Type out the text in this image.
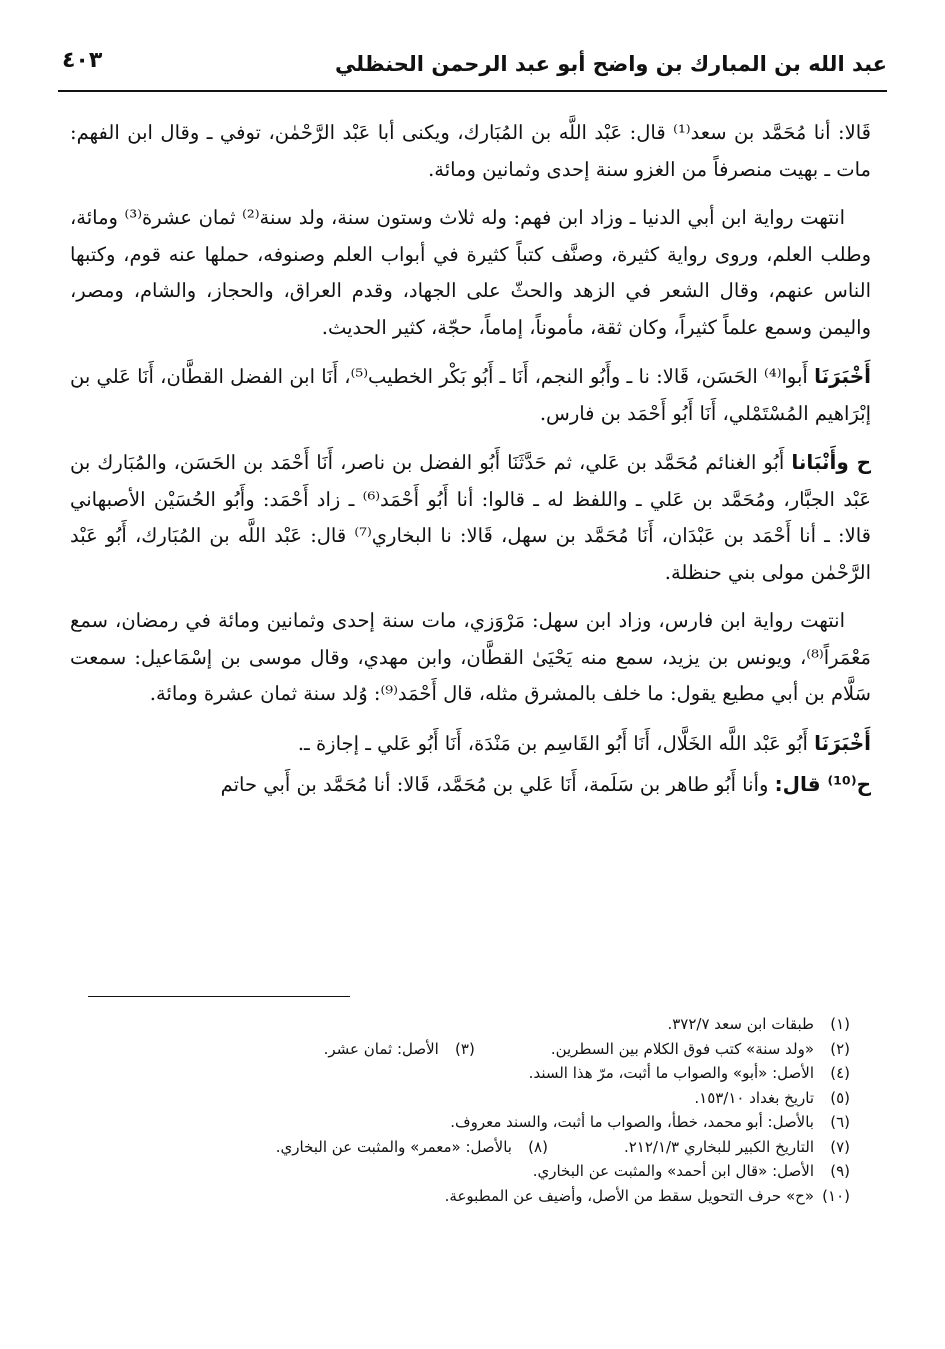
عبد الله بن المبارك بن واضح أبو عبد الرحمن الحنظلي
٤٠٣

قَالا: أنا مُحَمَّد بن سعد⁽¹⁾ قال: عَبْد اللَّه بن المُبَارك، ويكنى أبا عَبْد الرَّحْمٰن، توفي ـ وقال ابن الفهم: مات ـ بهيت منصرفاً من الغزو سنة إحدى وثمانين ومائة.

انتهت رواية ابن أبي الدنيا ـ وزاد ابن فهم: وله ثلاث وستون سنة، ولد سنة⁽²⁾ ثمان عشرة⁽³⁾ ومائة، وطلب العلم، وروى رواية كثيرة، وصنَّف كتباً كثيرة في أبواب العلم وصنوفه، حملها عنه قوم، وكتبها الناس عنهم، وقال الشعر في الزهد والحثّ على الجهاد، وقدم العراق، والحجاز، والشام، ومصر، واليمن وسمع علماً كثيراً، وكان ثقة، مأموناً، إماماً، حجّة، كثير الحديث.

أَخْبَرَنَا أَبوا⁽⁴⁾ الحَسَن، قَالا: نا ـ وأَبُو النجم، أَنَا ـ أَبُو بَكْر الخطيب⁽⁵⁾، أَنَا ابن الفضل القطَّان، أَنَا عَلي بن إبْرَاهيم المُسْتَمْلي، أَنَا أَبُو أَحْمَد بن فارس.

ح وأَنْبَانا أَبُو الغنائم مُحَمَّد بن عَلي، ثم حَدَّثَنَا أَبُو الفضل بن ناصر، أَنَا أَحْمَد بن الحَسَن، والمُبَارك بن عَبْد الجبَّار، ومُحَمَّد بن عَلي ـ واللفظ له ـ قالوا: أنا أَبُو أَحْمَد⁽⁶⁾ ـ زاد أَحْمَد: وأَبُو الحُسَيْن الأصبهاني قالا: ـ أنا أَحْمَد بن عَبْدَان، أَنَا مُحَمَّد بن سهل، قَالا: نا البخاري⁽⁷⁾ قال: عَبْد اللَّه بن المُبَارك، أَبُو عَبْد الرَّحْمٰن مولى بني حنظلة.

انتهت رواية ابن فارس، وزاد ابن سهل: مَرْوَزي، مات سنة إحدى وثمانين ومائة في رمضان، سمع مَعْمَراً⁽⁸⁾، ويونس بن يزيد، سمع منه يَحْيَىٰ القطَّان، وابن مهدي، وقال موسى بن إسْمَاعيل: سمعت سَلَّام بن أبي مطيع يقول: ما خلف بالمشرق مثله، قال أَحْمَد⁽⁹⁾: وُلد سنة ثمان عشرة ومائة.

أَخْبَرَنَا أَبُو عَبْد اللَّه الخَلَّال، أَنَا أَبُو القَاسِم بن مَنْدَة، أَنَا أَبُو عَلي ـ إجازة ـ.

ح⁽¹⁰⁾ قال: وأنا أَبُو طاهر بن سَلَمة، أَنَا عَلي بن مُحَمَّد، قَالا: أنا مُحَمَّد بن أَبي حاتم

(١)
طبقات ابن سعد ٣٧٢/٧.
(٢)
«ولد سنة» كتب فوق الكلام بين السطرين.
(٣)
الأصل: ثمان عشر.
(٤)
الأصل: «أبو» والصواب ما أثبت، مرّ هذا السند.
(٥)
تاريخ بغداد ١٥٣/١٠.
(٦)
بالأصل: أبو محمد، خطأ، والصواب ما أثبت، والسند معروف.
(٧)
التاريخ الكبير للبخاري ٢١٢/١/٣.
(٨)
بالأصل: «معمر» والمثبت عن البخاري.
(٩)
الأصل: «قال ابن أحمد» والمثبت عن البخاري.
(١٠)
«ح» حرف التحويل سقط من الأصل، وأضيف عن المطبوعة.
